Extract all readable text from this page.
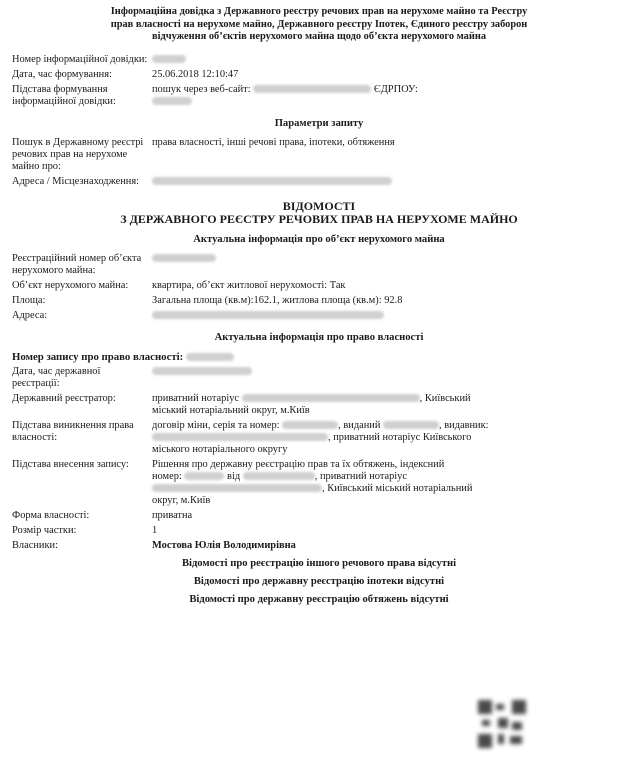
Інформаційна довідка з Державного реєстру речових прав на нерухоме майно та Реєстру
прав власності на нерухоме майно, Державного реєстру Іпотек, Єдиного реєстру заборон
відчуження об’єктів нерухомого майна щодо об’єкта нерухомого майна
Номер інформаційної довідки:
Дата, час формування:	25.06.2018 12:10:47
Підстава формування інформаційної довідки:
пошук через веб-сайт:	ЄДРПОУ:

Параметри запиту
Пошук в Державному реєстрі речових прав на нерухоме майно про:
права власності, інші речові права, іпотеки, обтяження
Адреса / Місцезнаходження:
ВІДОМОСТІ
З ДЕРЖАВНОГО РЕЄСТРУ РЕЧОВИХ ПРАВ НА НЕРУХОМЕ МАЙНО
Актуальна інформація про об’єкт нерухомого майна
Реєстраційний номер об’єкта нерухомого майна:
Об’єкт нерухомого майна:	квартира, об’єкт житлової нерухомості: Так
Площа:	Загальна площа (кв.м):162.1, житлова площа (кв.м): 92.8
Адреса:
Актуальна інформація про право власності
Номер запису про право власності:
Дата, час державної реєстрації:
Державний реєстратор:	приватний нотаріус	, Київський
міський нотаріальний округ, м.Київ
Підстава виникнення права власності:
договір міни, серія та номер:	, виданий	, видавник:
, приватний нотаріус Київського
міського нотаріального округу
Підстава внесення запису:	Рішення про державну реєстрацію прав та їх обтяжень, індексний
номер:	від	, приватний нотаріус
, Київський міський нотаріальний
округ, м.Київ
Форма власності:	приватна
Розмір частки:	1
Власники:	Мостова Юлія Володимирівна
Відомості про реєстрацію іншого речового права відсутні
Відомості про державну реєстрацію іпотеки відсутні
Відомості про державну реєстрацію обтяжень відсутні
